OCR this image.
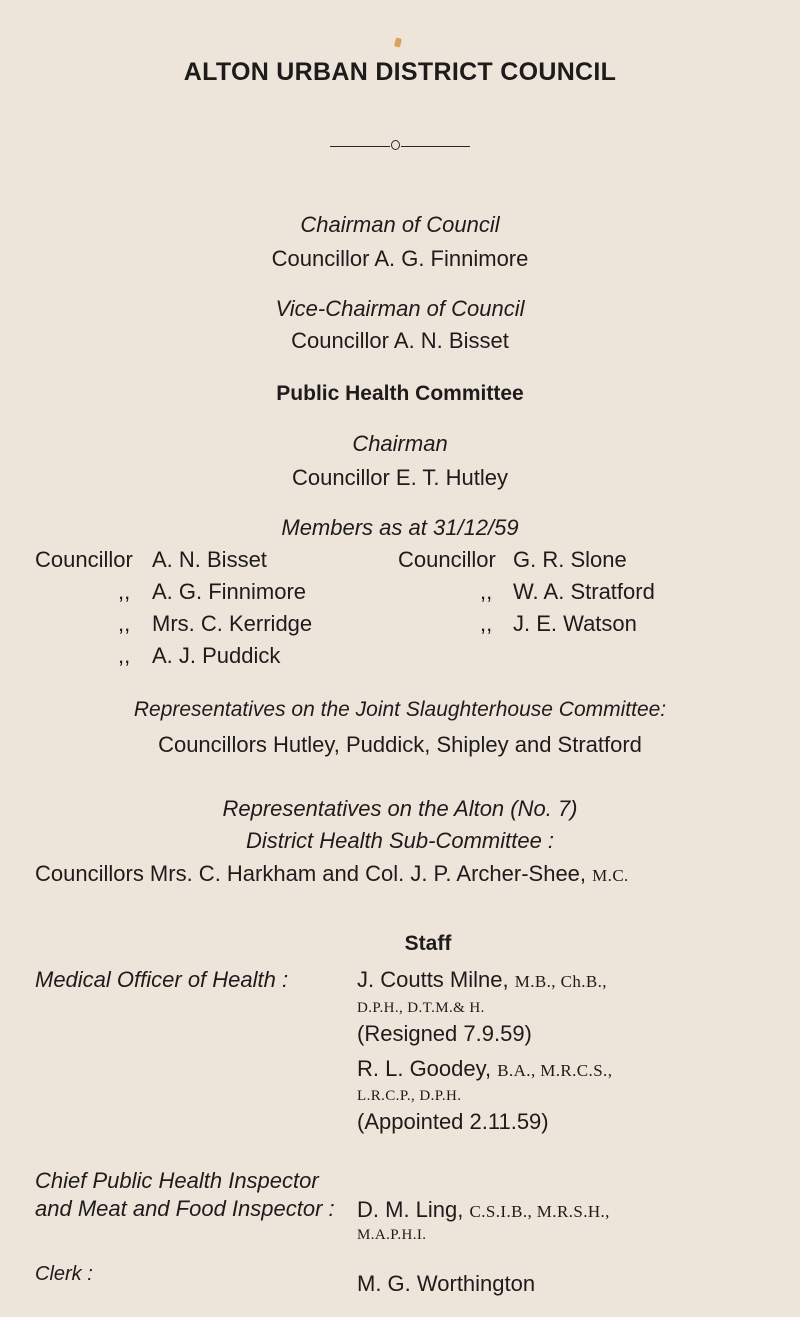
ALTON URBAN DISTRICT COUNCIL
Chairman of Council
Councillor A. G. Finnimore
Vice-Chairman of Council
Councillor A. N. Bisset
Public Health Committee
Chairman
Councillor E. T. Hutley
Members as at 31/12/59
Councillor A. N. Bisset
,, A. G. Finnimore
,, Mrs. C. Kerridge
,, A. J. Puddick
Councillor G. R. Slone
,, W. A. Stratford
,, J. E. Watson
Representatives on the Joint Slaughterhouse Committee:
Councillors Hutley, Puddick, Shipley and Stratford
Representatives on the Alton (No. 7)
District Health Sub-Committee :
Councillors Mrs. C. Harkham and Col. J. P. Archer-Shee, M.C.
Staff
Medical Officer of Health :	J. Coutts Milne, M.B., Ch.B.,
D.P.H., D.T.M.& H.
(Resigned 7.9.59)
R. L. Goodey, B.A., M.R.C.S.,
L.R.C.P., D.P.H.
(Appointed 2.11.59)
Chief Public Health Inspector
and Meat and Food Inspector : D. M. Ling, C.S.I.B., M.R.S.H.,
M.A.P.H.I.
Clerk :	M. G. Worthington
